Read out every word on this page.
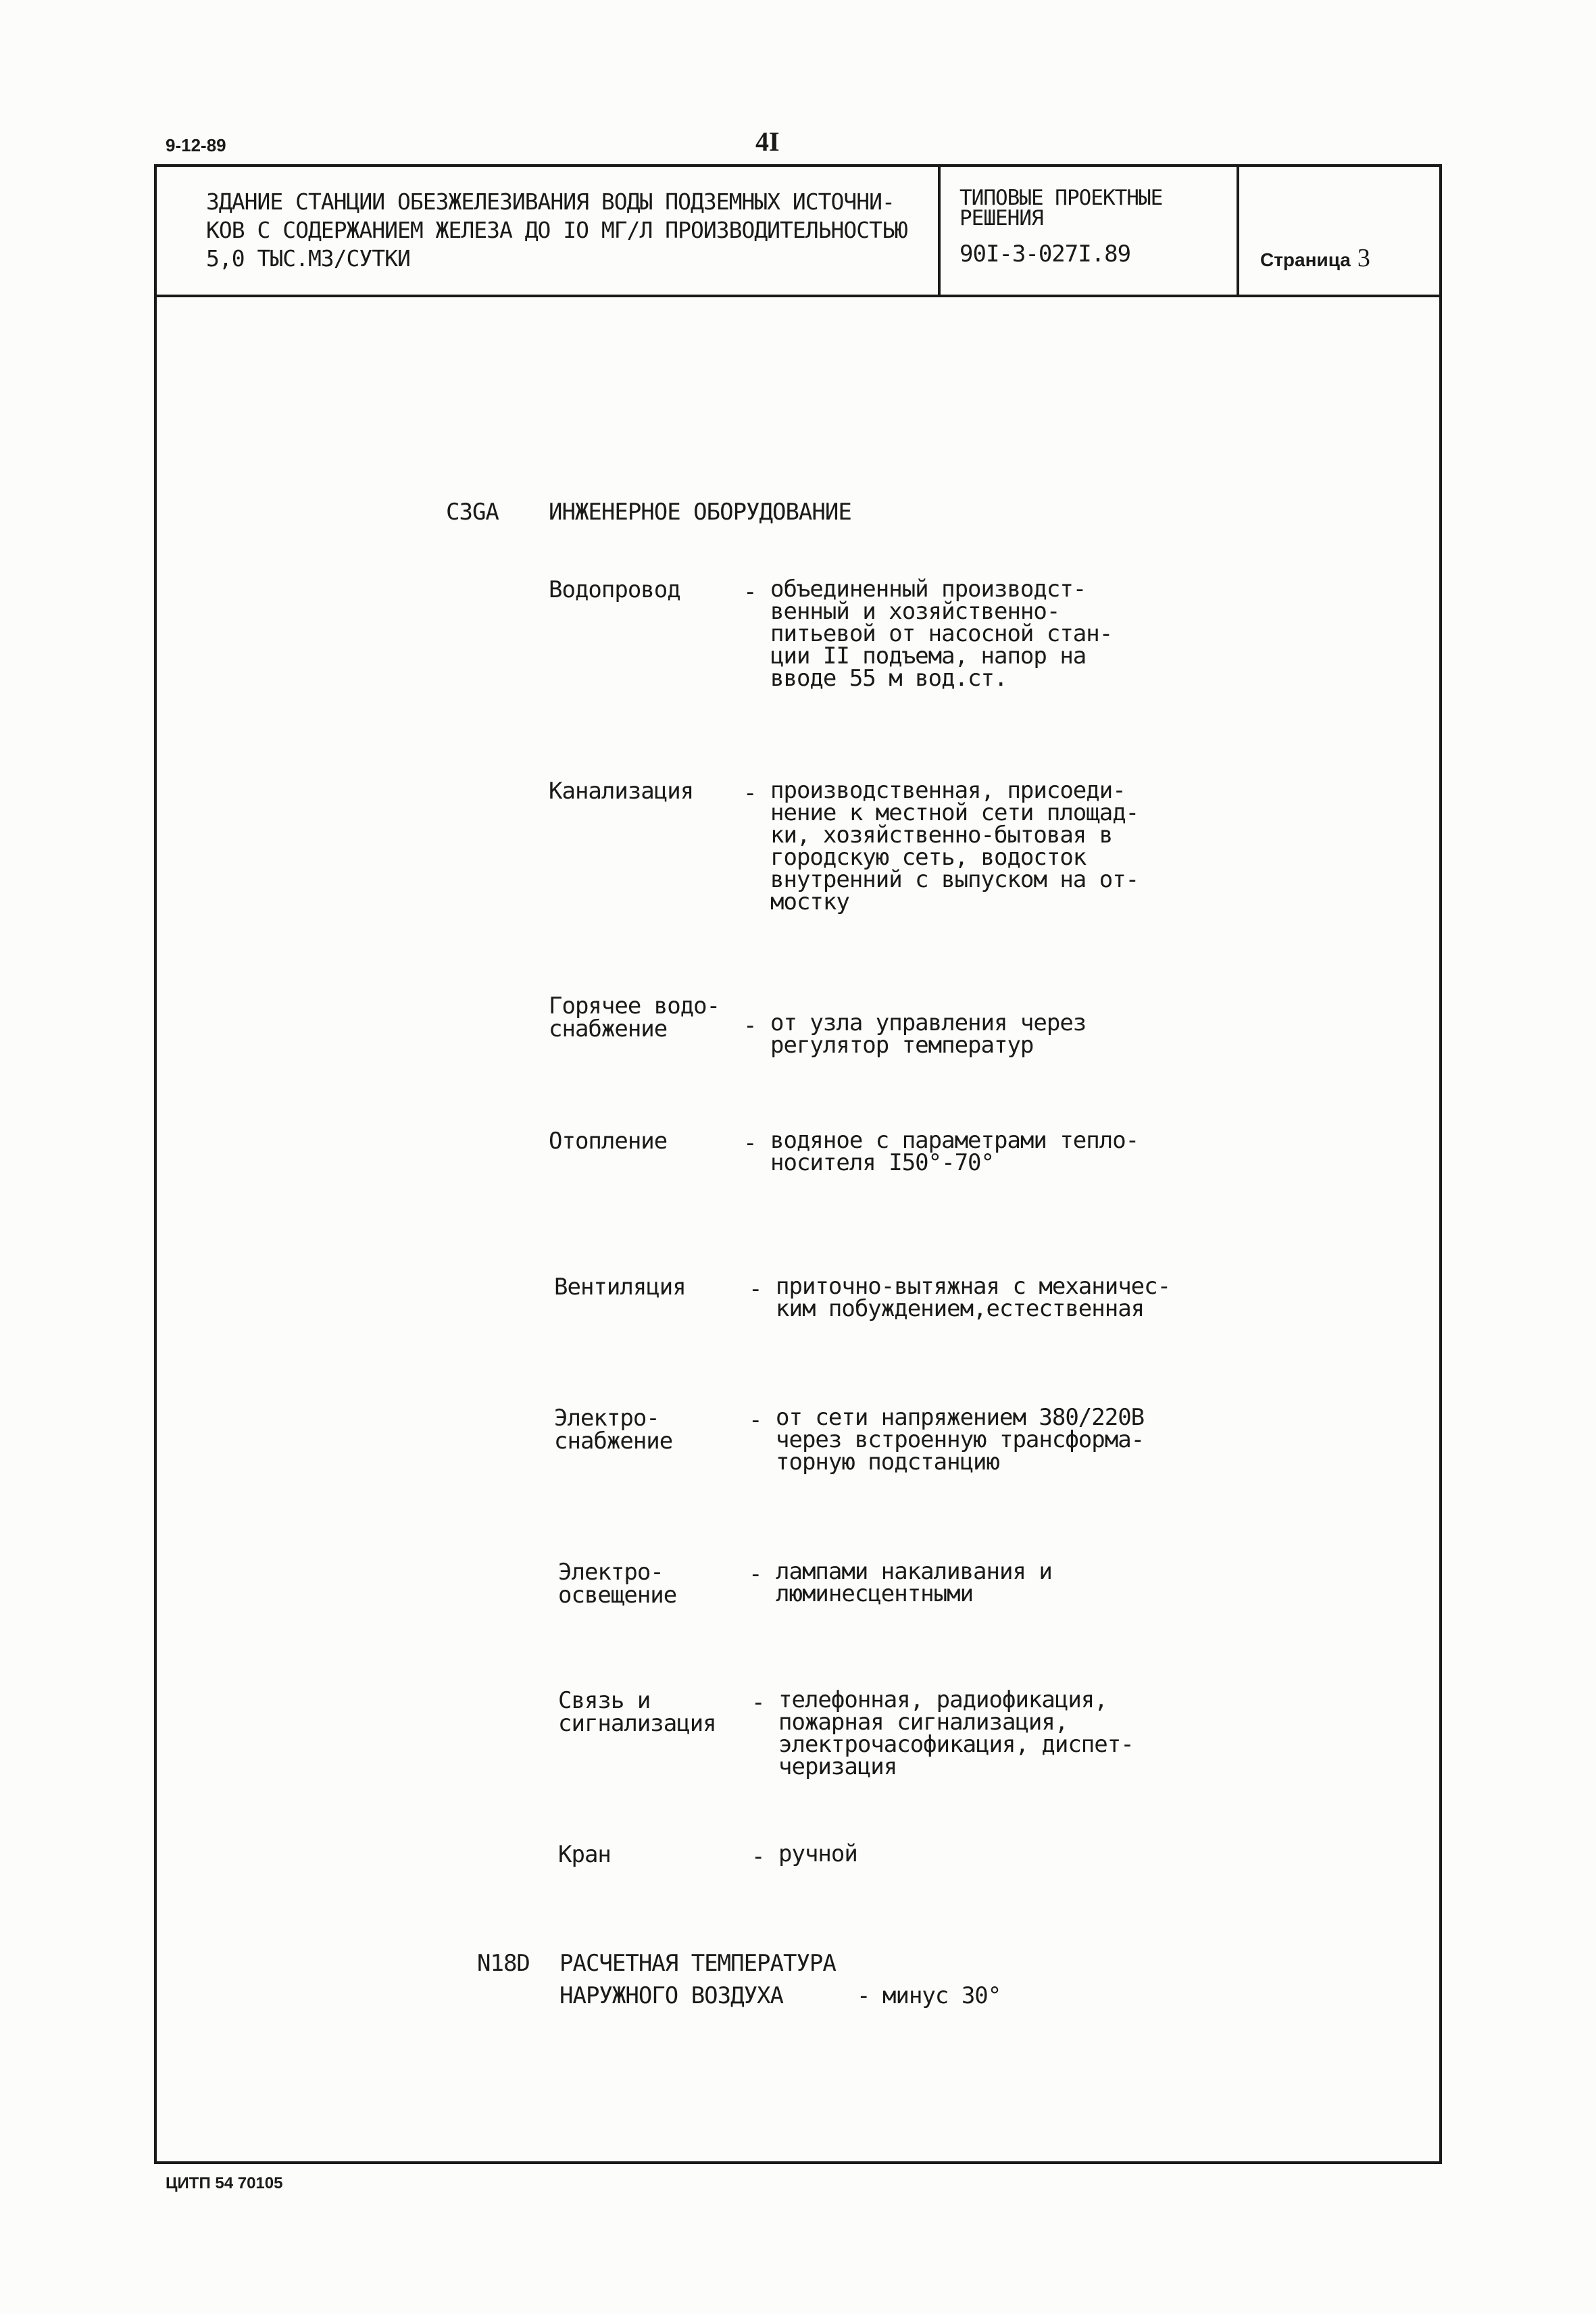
9-12-89	4I
ЗДАНИЕ СТАНЦИИ ОБЕЗЖЕЛЕЗИВАНИЯ ВОДЫ ПОДЗЕМНЫХ ИСТОЧНИ-
КОВ С СОДЕРЖАНИЕМ ЖЕЛЕЗА ДО IО МГ/Л ПРОИЗВОДИТЕЛЬНОСТЬЮ
5,0 ТЫС.МЗ/СУТКИ
ТИПОВЫЕ ПРОЕКТНЫЕ
РЕШЕНИЯ
90I-3-027I.89	Страница 3
C3GA ИНЖЕНЕРНОЕ ОБОРУДОВАНИЕ
Водопровод	- объединенный производст-
венный и хозяйственно-
питьевой от насосной стан-
ции II подъема, напор на
вводе 55 м вод.ст.
Канализация - производственная, присоеди-
нение к местной сети площад-
ки, хозяйственно-бытовая в
городскую сеть, водосток
внутренний с выпуском на от-
мостку
Горячее водо-
снабжение	- от узла управления через
регулятор температур
Отопление	- водяное с параметрами тепло-
носителя I50°-70°
Вентиляция	- приточно-вытяжная с механичес-
ким побуждением,естественная
Электро-
снабжение
- от сети напряжением 380/220В
через встроенную трансформа-
торную подстанцию
Электро-
освещение
- лампами накаливания и
люминесцентными
Связь и
сигнализация
- телефонная, радиофикация,
пожарная сигнализация,
электрочасофикация, диспет-
черизация
Кран	- ручной
N18D РАСЧЕТНАЯ ТЕМПЕРАТУРА
НАРУЖНОГО ВОЗДУХА	- минус 30°
ЦИТП 54 70105
